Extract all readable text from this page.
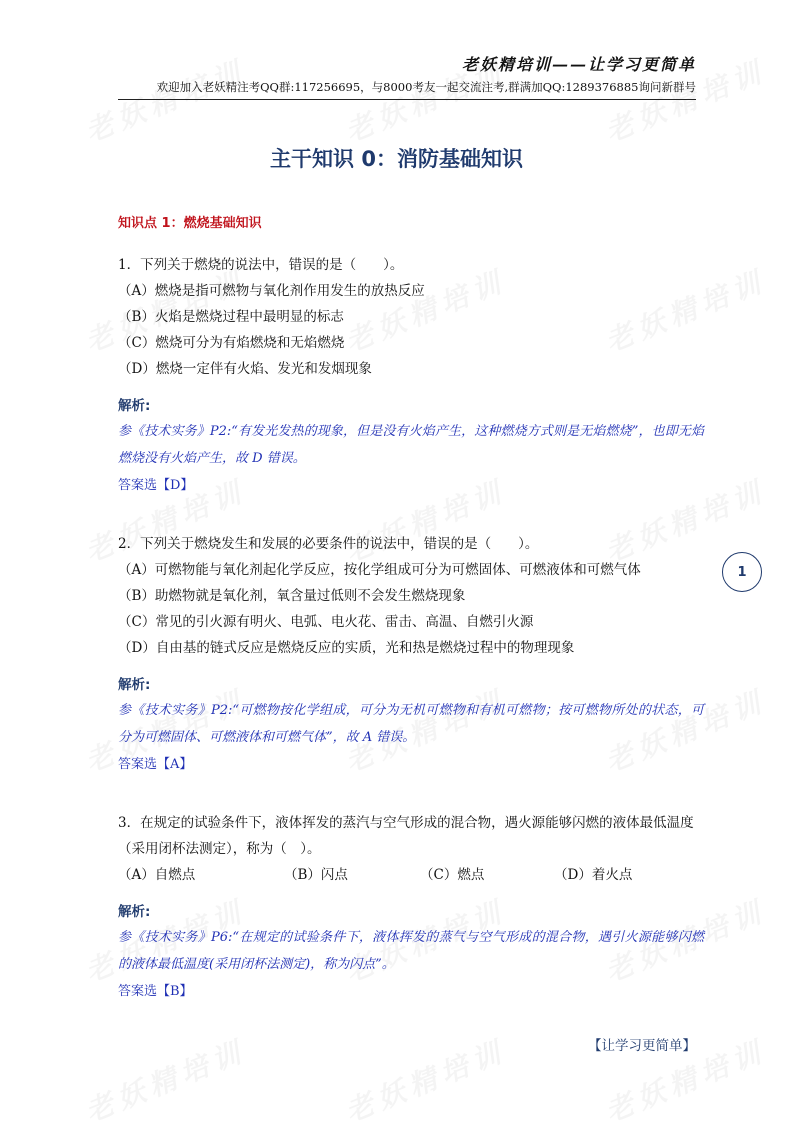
老妖精培训——让学习更简单
欢迎加入老妖精注考QQ群:117256695，与8000考友一起交流注考,群满加QQ:1289376885询问新群号
主干知识 0：消防基础知识
知识点 1：燃烧基础知识
1．下列关于燃烧的说法中，错误的是（　　）。
（A）燃烧是指可燃物与氧化剂作用发生的放热反应
（B）火焰是燃烧过程中最明显的标志
（C）燃烧可分为有焰燃烧和无焰燃烧
（D）燃烧一定伴有火焰、发光和发烟现象
解析:
参《技术实务》P2:“有发光发热的现象，但是没有火焰产生，这种燃烧方式则是无焰燃烧”，也即无焰燃烧没有火焰产生，故 D 错误。
答案选【D】
2．下列关于燃烧发生和发展的必要条件的说法中，错误的是（　　）。
（A）可燃物能与氧化剂起化学反应，按化学组成可分为可燃固体、可燃液体和可燃气体
（B）助燃物就是氧化剂，氧含量过低则不会发生燃烧现象
（C）常见的引火源有明火、电弧、电火花、雷击、高温、自燃引火源
（D）自由基的链式反应是燃烧反应的实质，光和热是燃烧过程中的物理现象
解析:
参《技术实务》P2:“可燃物按化学组成，可分为无机可燃物和有机可燃物；按可燃物所处的状态，可分为可燃固体、可燃液体和可燃气体”，故 A 错误。
答案选【A】
3．在规定的试验条件下，液体挥发的蒸汽与空气形成的混合物，遇火源能够闪燃的液体最低温度（采用闭杯法测定），称为（　）。
（A）自燃点	（B）闪点	（C）燃点	（D）着火点
解析:
参《技术实务》P6:“在规定的试验条件下，液体挥发的蒸气与空气形成的混合物，遇引火源能够闪燃的液体最低温度(采用闭杯法测定)，称为闪点”。
答案选【B】
1
【让学习更简单】
